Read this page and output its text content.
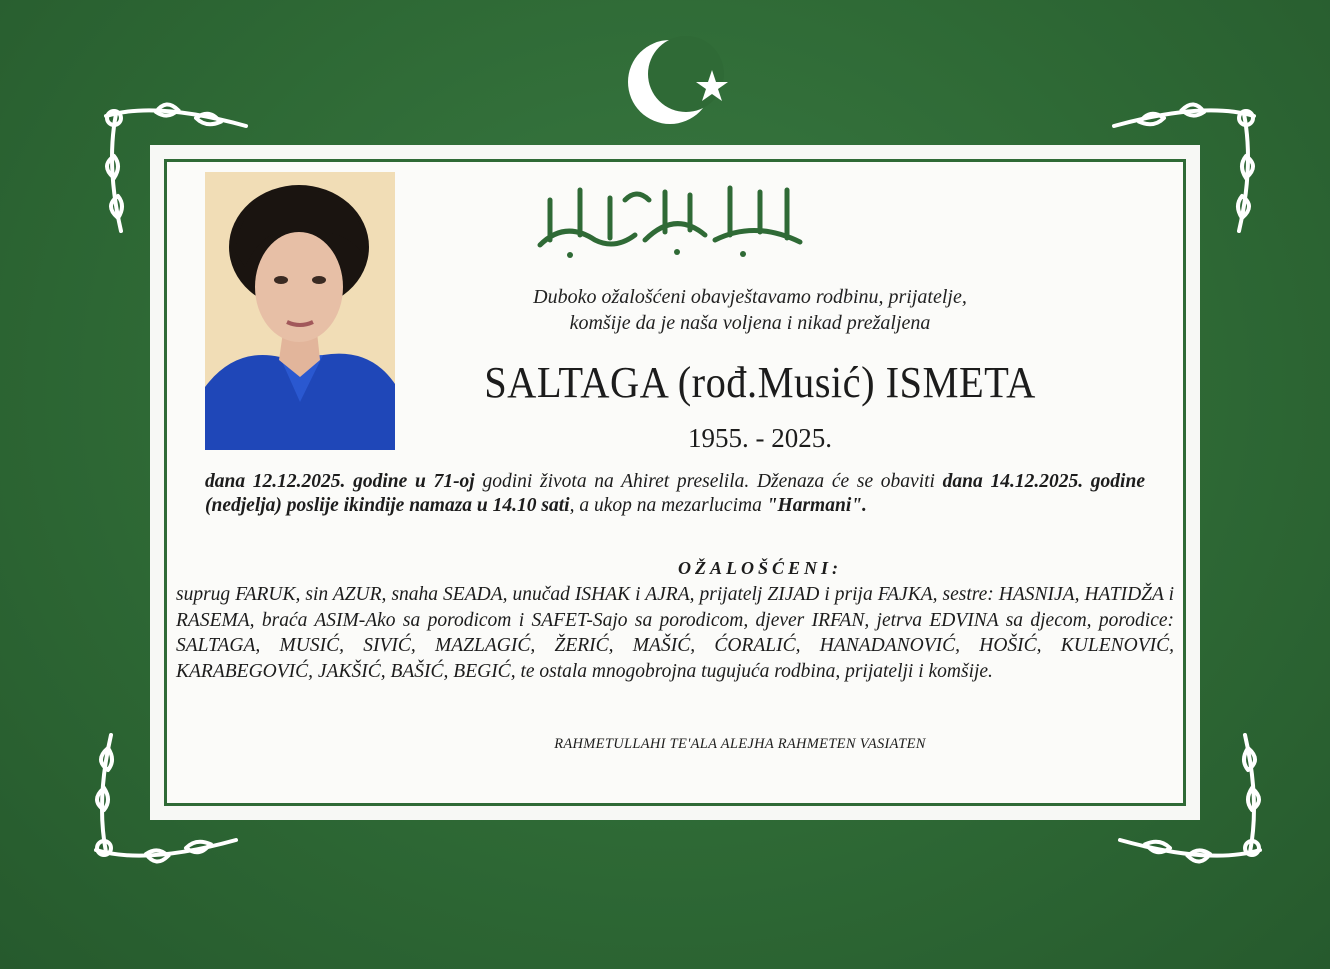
Duboko ožalošćeni obavještavamo rodbinu, prijatelje,
komšije da je naša voljena i nikad prežaljena
SALTAGA (rođ.Musić) ISMETA
1955. - 2025.
dana 12.12.2025. godine u 71-oj godini života na Ahiret preselila. Dženaza će se obaviti dana 14.12.2025. godine (nedjelja) poslije ikindije namaza u 14.10 sati, a ukop na mezarlucima "Harmani".
OŽALOŠĆENI:
suprug FARUK, sin AZUR, snaha SEADA, unučad ISHAK i AJRA, prijatelj ZIJAD i prija FAJKA, sestre: HASNIJA, HATIDŽA i RASEMA, braća ASIM-Ako sa porodicom i SAFET-Sajo sa porodicom, djever IRFAN, jetrva EDVINA sa djecom, porodice: SALTAGA, MUSIĆ, SIVIĆ, MAZLAGIĆ, ŽERIĆ, MAŠIĆ, ĆORALIĆ, HANADANOVIĆ, HOŠIĆ, KULENOVIĆ, KARABEGOVIĆ, JAKŠIĆ, BAŠIĆ, BEGIĆ, te ostala mnogobrojna tugujuća rodbina, prijatelji i komšije.
RAHMETULLAHI TE'ALA ALEJHA RAHMETEN VASIATEN
